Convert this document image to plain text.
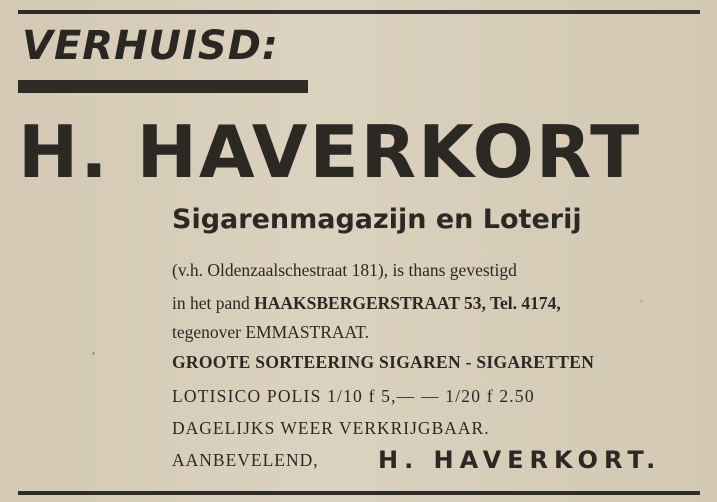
VERHUISD:
H. HAVERKORT
Sigarenmagazijn en Loterij
(v.h. Oldenzaalschestraat 181), is thans gevestigd
in het pand HAAKSBERGERSTRAAT 53, Tel. 4174,
tegenover EMMASTRAAT.
GROOTE SORTEERING SIGAREN - SIGARETTEN
LOTISICO POLIS 1/10 f 5,— — 1/20 f 2.50
DAGELIJKS WEER VERKRIJGBAAR.
AANBEVELEND, H. HAVERKORT.
